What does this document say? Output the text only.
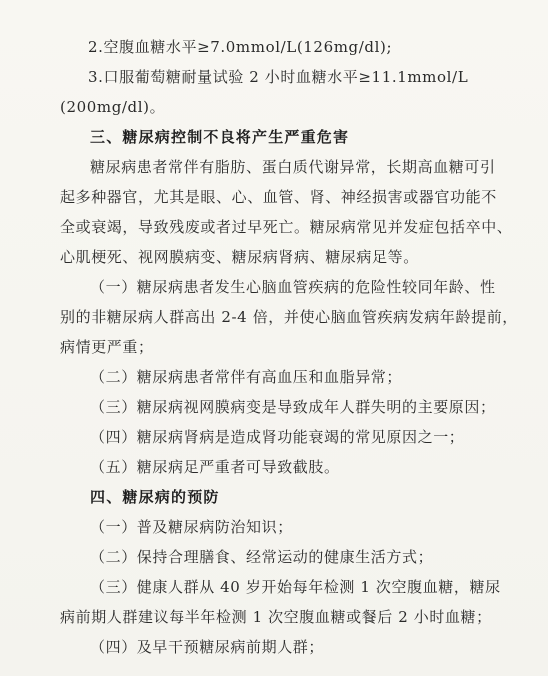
2.空腹血糖水平≥7.0mmol/L(126mg/dl);
3.口服葡萄糖耐量试验 2 小时血糖水平≥11.1mmol/L
(200mg/dl)。
三、糖尿病控制不良将产生严重危害
糖尿病患者常伴有脂肪、蛋白质代谢异常，长期高血糖可引
起多种器官，尤其是眼、心、血管、肾、神经损害或器官功能不
全或衰竭，导致残废或者过早死亡。糖尿病常见并发症包括卒中、
心肌梗死、视网膜病变、糖尿病肾病、糖尿病足等。
（一）糖尿病患者发生心脑血管疾病的危险性较同年龄、性
别的非糖尿病人群高出 2-4 倍，并使心脑血管疾病发病年龄提前，
病情更严重；
（二）糖尿病患者常伴有高血压和血脂异常；
（三）糖尿病视网膜病变是导致成年人群失明的主要原因；
（四）糖尿病肾病是造成肾功能衰竭的常见原因之一；
（五）糖尿病足严重者可导致截肢。
四、糖尿病的预防
（一）普及糖尿病防治知识；
（二）保持合理膳食、经常运动的健康生活方式；
（三）健康人群从 40 岁开始每年检测 1 次空腹血糖，糖尿
病前期人群建议每半年检测 1 次空腹血糖或餐后 2 小时血糖；
（四）及早干预糖尿病前期人群；
